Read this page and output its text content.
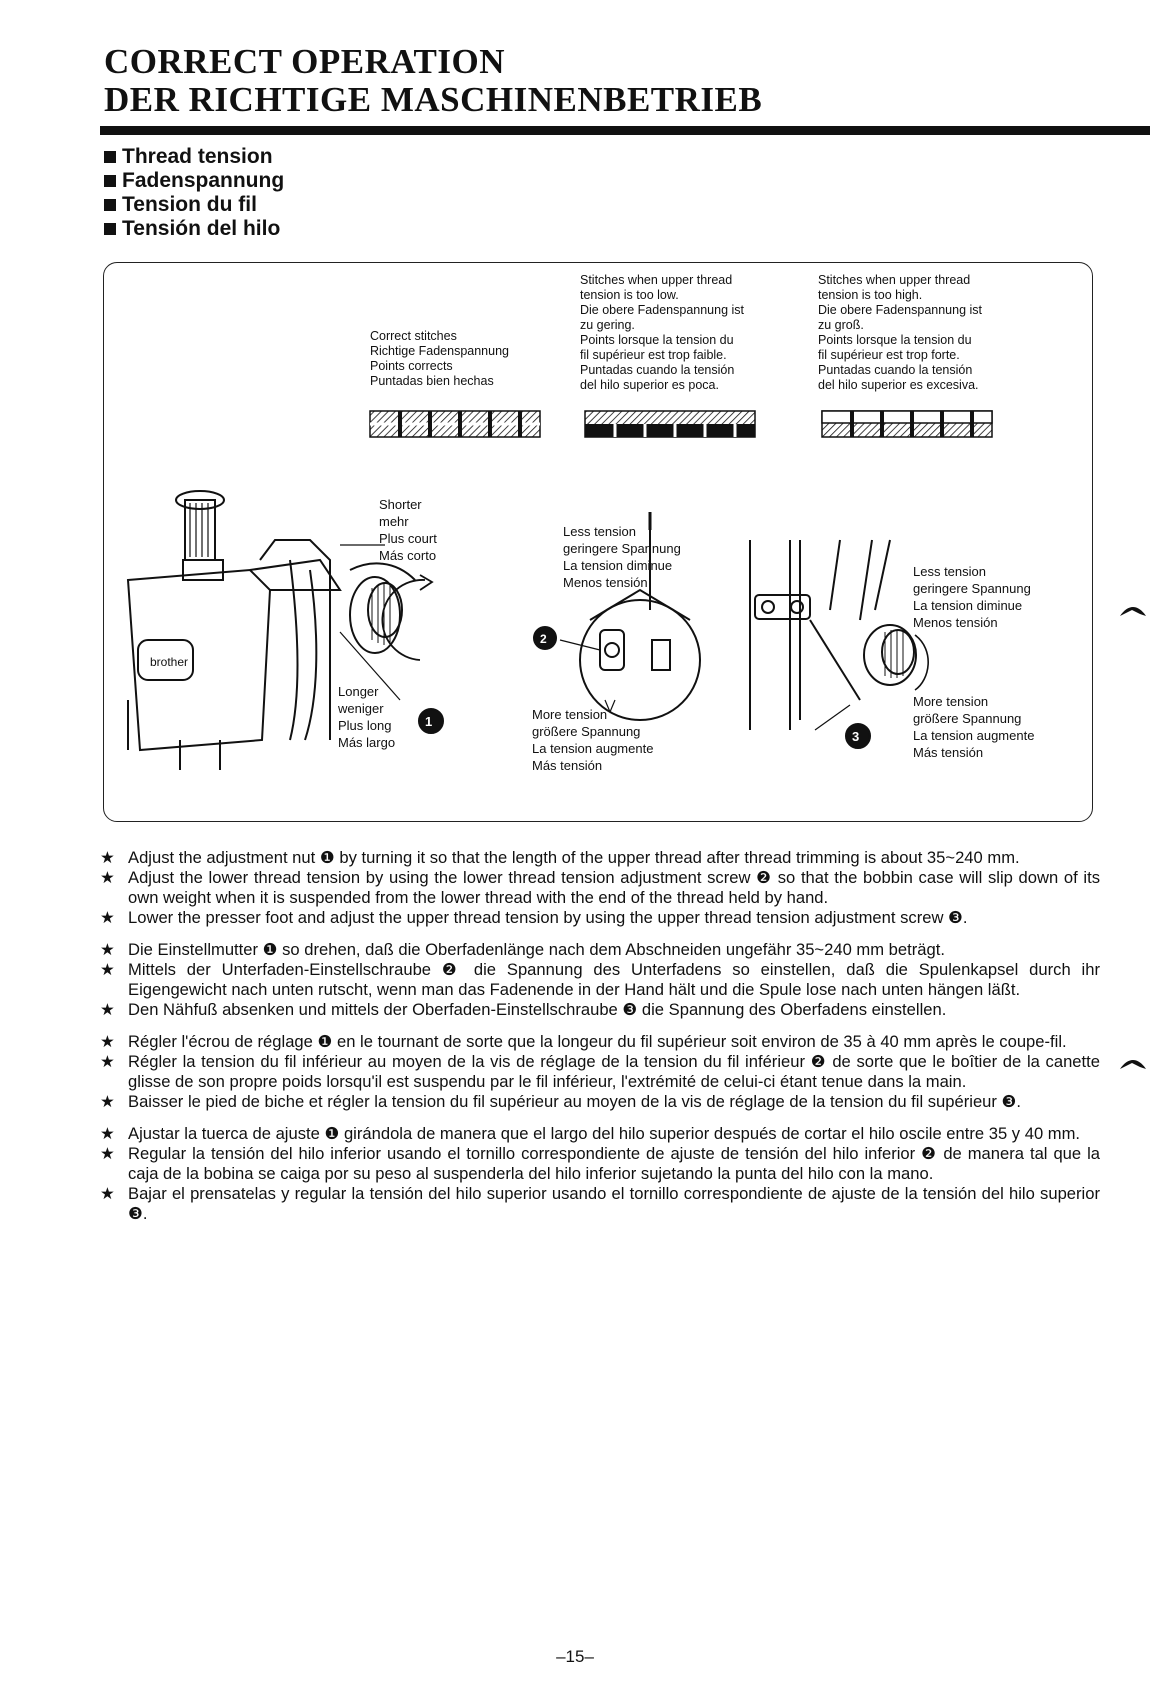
CORRECT OPERATION
DER RICHTIGE MASCHINENBETRIEB
Thread tension
Fadenspannung
Tension du fil
Tensión del hilo
brother
1
2
3
Correct stitches
Richtige Fadenspannung
Points corrects
Puntadas bien hechas
Stitches when upper thread
tension is too low.
Die obere Fadenspannung ist
zu gering.
Points lorsque la tension du
fil supérieur est trop faible.
Puntadas cuando la tensión
del hilo superior es poca.
Stitches when upper thread
tension is too high.
Die obere Fadenspannung ist
zu groß.
Points lorsque la tension du
fil supérieur est trop forte.
Puntadas cuando la tensión
del hilo superior es excesiva.
Shorter
mehr
Plus court
Más corto
Longer
weniger
Plus long
Más largo
Less tension
geringere Spannung
La tension diminue
Menos tensión
More tension
größere Spannung
La tension augmente
Más tensión
Less tension
geringere Spannung
La tension diminue
Menos tensión
More tension
größere Spannung
La tension augmente
Más tensión
★ Adjust the adjustment nut ❶ by turning it so that the length of the upper thread after thread trimming is about 35~240 mm.
★ Adjust the lower thread tension by using the lower thread tension adjustment screw ❷ so that the bobbin case will slip down of its own weight when it is suspended from the lower thread with the end of the thread held by hand.
★ Lower the presser foot and adjust the upper thread tension by using the upper thread tension adjustment screw ❸.
★ Die Einstellmutter ❶ so drehen, daß die Oberfadenlänge nach dem Abschneiden ungefähr 35~240 mm beträgt.
★ Mittels der Unterfaden-Einstellschraube ❷ die Spannung des Unterfadens so einstellen, daß die Spulenkapsel durch ihr Eigengewicht nach unten rutscht, wenn man das Fadenende in der Hand hält und die Spule lose nach unten hängen läßt.
★ Den Nähfuß absenken und mittels der Oberfaden-Einstellschraube ❸ die Spannung des Oberfadens einstellen.
★ Régler l'écrou de réglage ❶ en le tournant de sorte que la longeur du fil supérieur soit environ de 35 à 40 mm après le coupe-fil.
★ Régler la tension du fil inférieur au moyen de la vis de réglage de la tension du fil inférieur ❷ de sorte que le boîtier de la canette glisse de son propre poids lorsqu'il est suspendu par le fil inférieur, l'extrémité de celui-ci étant tenue dans la main.
★ Baisser le pied de biche et régler la tension du fil supérieur au moyen de la vis de réglage de la tension du fil supérieur ❸.
★ Ajustar la tuerca de ajuste ❶ girándola de manera que el largo del hilo superior después de cortar el hilo oscile entre 35 y 40 mm.
★ Regular la tensión del hilo inferior usando el tornillo correspondiente de ajuste de tensión del hilo inferior ❷ de manera tal que la caja de la bobina se caiga por su peso al suspenderla del hilo inferior sujetando la punta del hilo con la mano.
★ Bajar el prensatelas y regular la tensión del hilo superior usando el tornillo correspondiente de ajuste de la tensión del hilo superior ❸.
–15–
